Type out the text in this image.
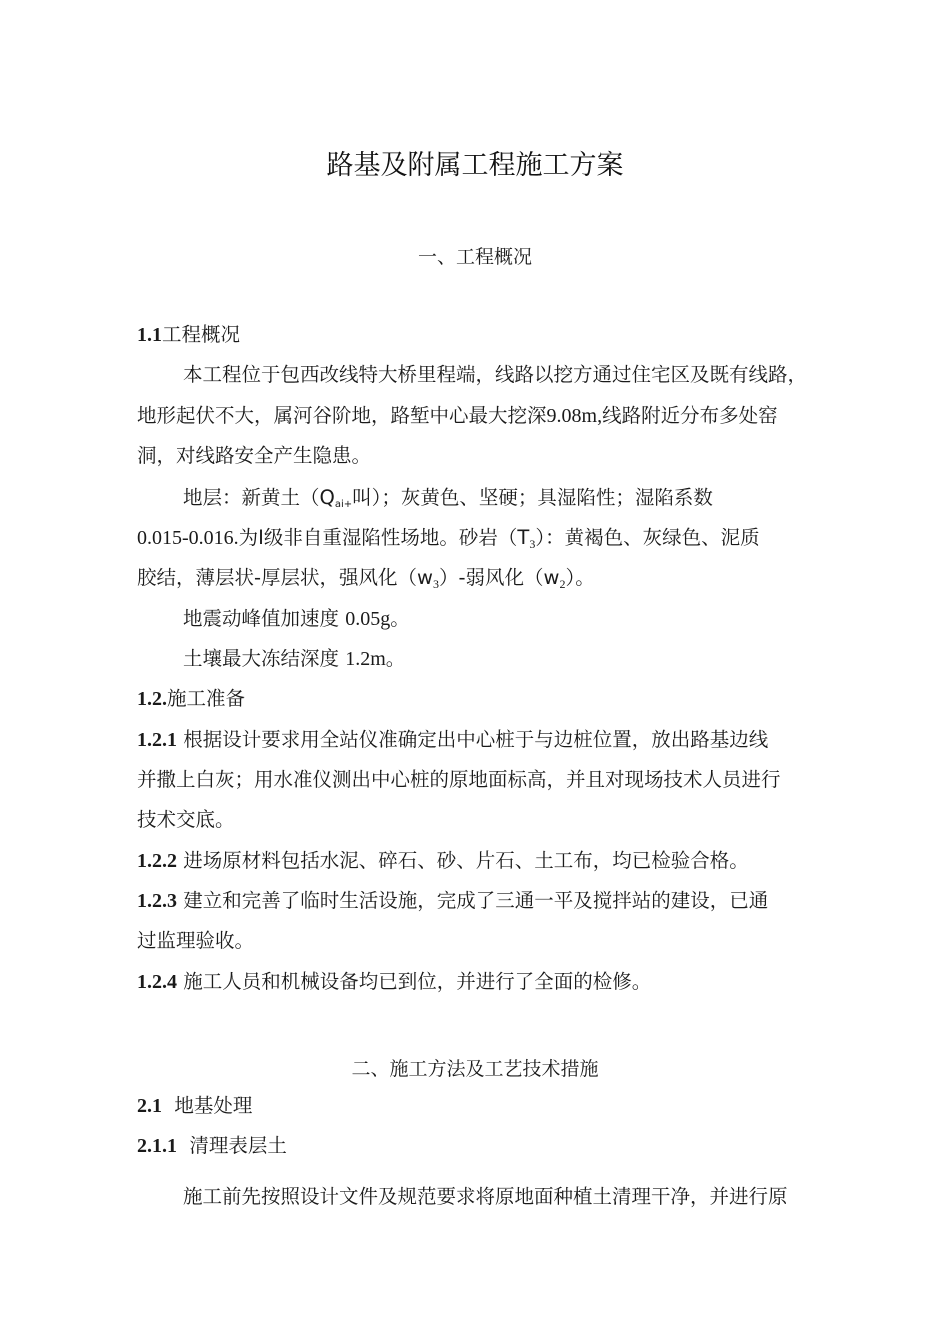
路基及附属工程施工方案
一、工程概况
1.1工程概况
本工程位于包西改线特大桥里程端，线路以挖方通过住宅区及既有线路，
地形起伏不大，属河谷阶地，路堑中心最大挖深9.08m,线路附近分布多处窑
洞，对线路安全产生隐患。
地层：新黄土（Qai+叫）；灰黄色、坚硬；具湿陷性；湿陷系数
0.015-0.016.为Ⅰ级非自重湿陷性场地。砂岩$(T_3)$：黄褐色、灰绿色、泥质
胶结，薄层状-厚层状，强风化$(w_3)-$弱风化$(w_2)$。
地震动峰值加速度 0.05g。
土壤最大冻结深度 1.2m。
1.2.施工准备
1.2.1 根据设计要求用全站仪准确定出中心桩于与边桩位置，放出路基边线
并撒上白灰；用水准仪测出中心桩的原地面标高，并且对现场技术人员进行
技术交底。
1.2.2 进场原材料包括水泥、碎石、砂、片石、土工布，均已检验合格。
1.2.3 建立和完善了临时生活设施，完成了三通一平及搅拌站的建设，已通
过监理验收。
1.2.4 施工人员和机械设备均已到位，并进行了全面的检修。
二、施工方法及工艺技术措施
2.1 地基处理
2.1.1 清理表层土
施工前先按照设计文件及规范要求将原地面种植土清理干净，并进行原
